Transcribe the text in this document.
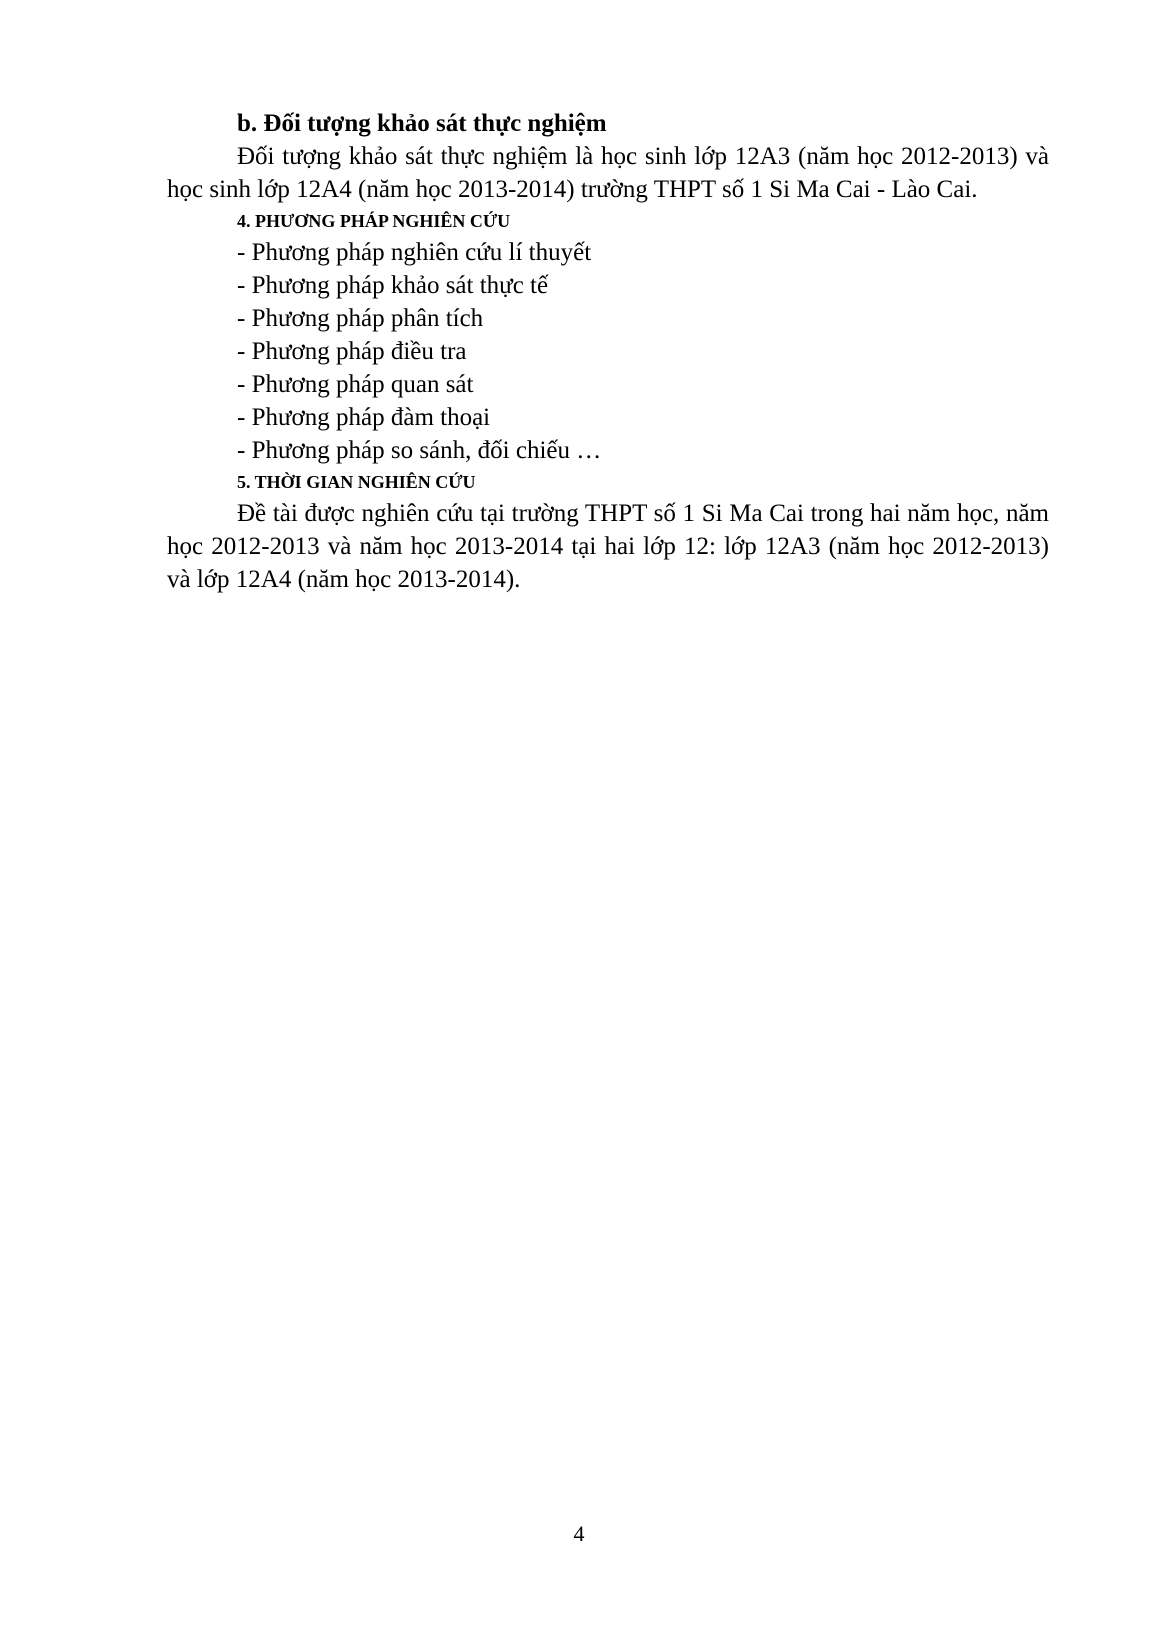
b. Đối tượng khảo sát thực nghiệm

Đối tượng khảo sát thực nghiệm là học sinh lớp 12A3 (năm học 2012-2013) và học sinh lớp 12A4 (năm học 2013-2014) trường THPT số 1 Si Ma Cai - Lào Cai.

4. PHƯƠNG PHÁP NGHIÊN CỨU

- Phương pháp nghiên cứu lí thuyết
- Phương pháp khảo sát thực tế
- Phương pháp phân tích
- Phương pháp điều tra
- Phương pháp quan sát
- Phương pháp đàm thoại
- Phương pháp so sánh, đối chiếu …

5. THỜI GIAN NGHIÊN CỨU

Đề tài được nghiên cứu tại trường THPT số 1 Si Ma Cai trong hai năm học, năm học 2012-2013 và năm học 2013-2014 tại hai lớp 12: lớp 12A3 (năm học 2012-2013) và lớp 12A4 (năm học 2013-2014).

4
